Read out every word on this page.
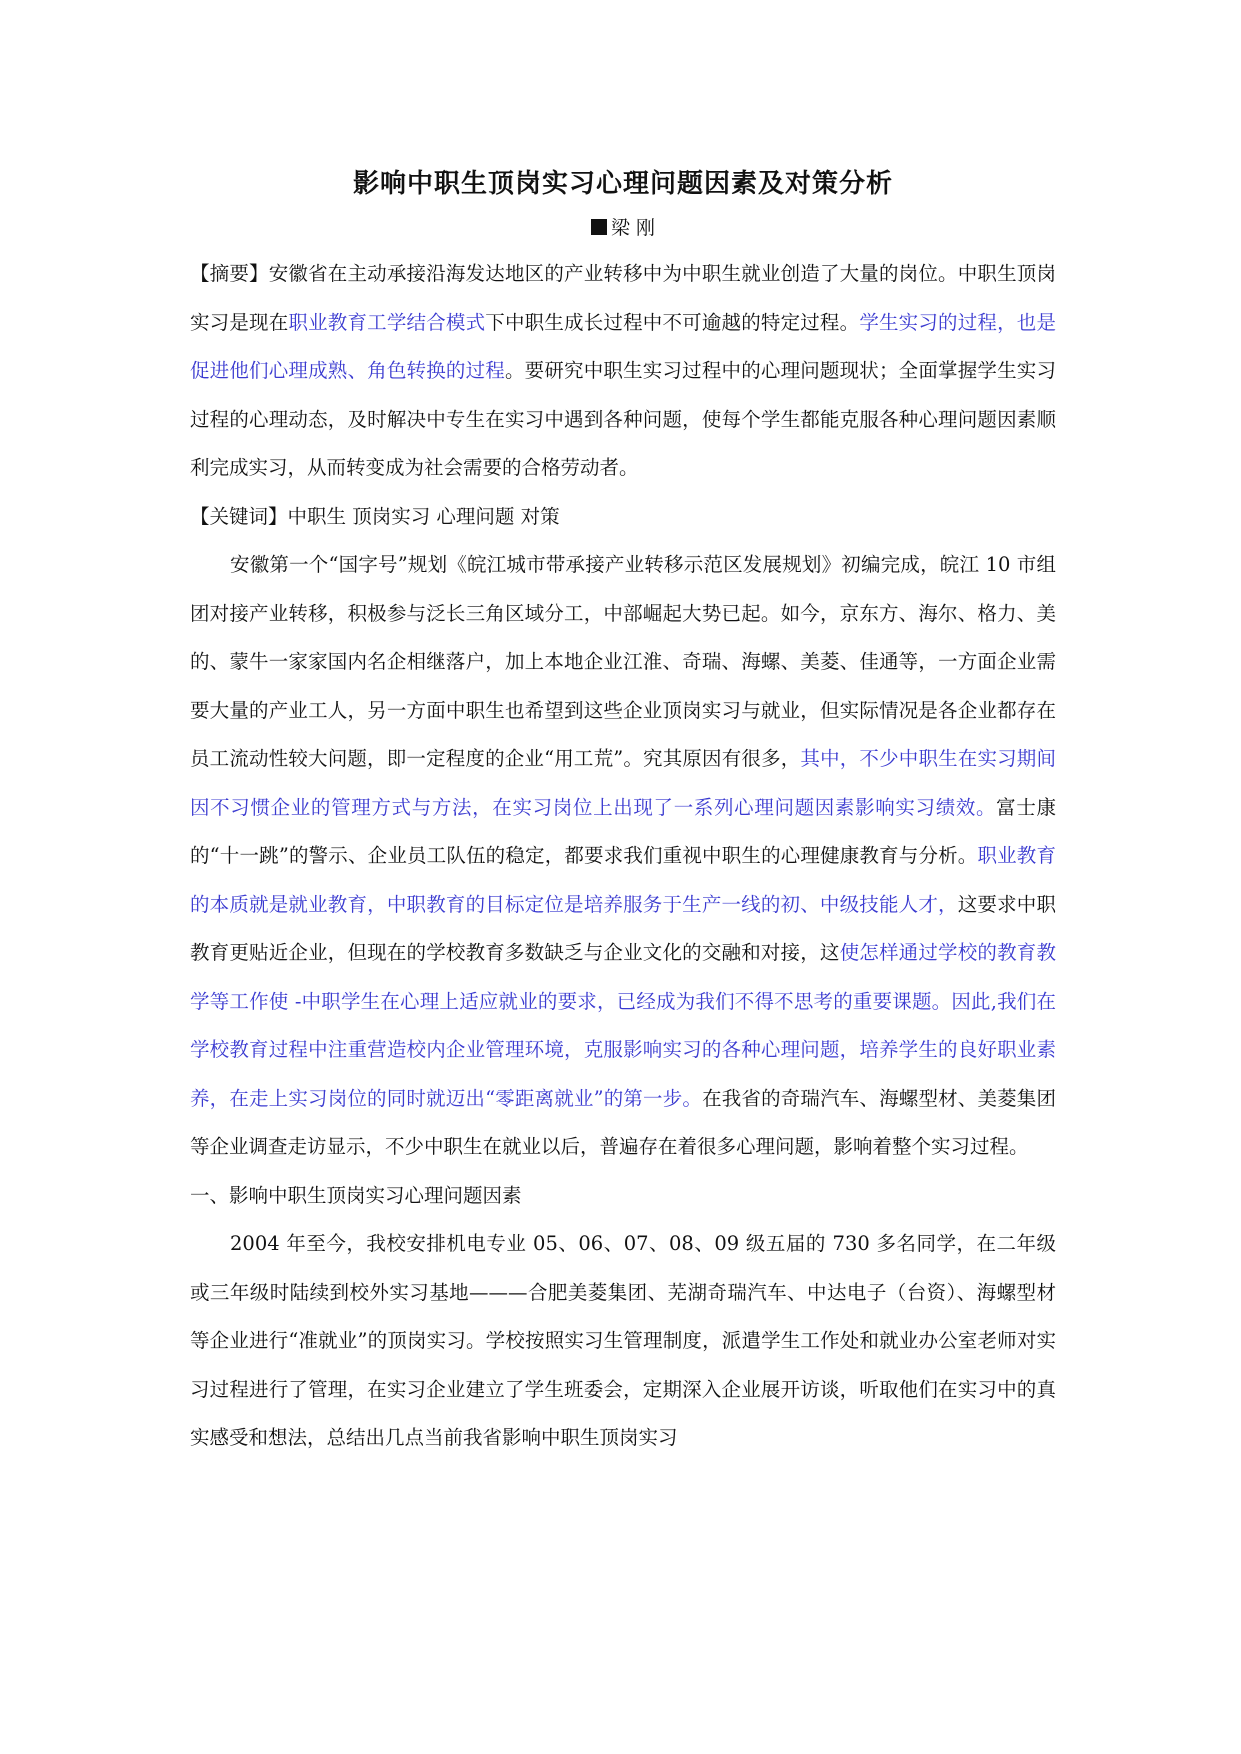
影响中职生顶岗实习心理问题因素及对策分析

梁 刚

【摘要】安徽省在主动承接沿海发达地区的产业转移中为中职生就业创造了大量的岗位。中职生顶岗实习是现在职业教育工学结合模式下中职生成长过程中不可逾越的特定过程。学生实习的过程，也是促进他们心理成熟、角色转换的过程。要研究中职生实习过程中的心理问题现状；全面掌握学生实习过程的心理动态，及时解决中专生在实习中遇到各种问题，使每个学生都能克服各种心理问题因素顺利完成实习，从而转变成为社会需要的合格劳动者。

【关键词】中职生 顶岗实习 心理问题 对策

安徽第一个“国字号”规划《皖江城市带承接产业转移示范区发展规划》初编完成，皖江 10 市组团对接产业转移，积极参与泛长三角区域分工，中部崛起大势已起。如今，京东方、海尔、格力、美的、蒙牛一家家国内名企相继落户，加上本地企业江淮、奇瑞、海螺、美菱、佳通等，一方面企业需要大量的产业工人，另一方面中职生也希望到这些企业顶岗实习与就业，但实际情况是各企业都存在员工流动性较大问题，即一定程度的企业“用工荒”。究其原因有很多，其中，不少中职生在实习期间因不习惯企业的管理方式与方法，在实习岗位上出现了一系列心理问题因素影响实习绩效。富士康的“十一跳”的警示、企业员工队伍的稳定，都要求我们重视中职生的心理健康教育与分析。职业教育的本质就是就业教育，中职教育的目标定位是培养服务于生产一线的初、中级技能人才，这要求中职教育更贴近企业，但现在的学校教育多数缺乏与企业文化的交融和对接，这使怎样通过学校的教育教学等工作使 -中职学生在心理上适应就业的要求，已经成为我们不得不思考的重要课题。因此,我们在学校教育过程中注重营造校内企业管理环境，克服影响实习的各种心理问题，培养学生的良好职业素养，在走上实习岗位的同时就迈出“零距离就业”的第一步。在我省的奇瑞汽车、海螺型材、美菱集团等企业调查走访显示，不少中职生在就业以后，普遍存在着很多心理问题，影响着整个实习过程。

一、影响中职生顶岗实习心理问题因素

2004 年至今，我校安排机电专业 05、06、07、08、09 级五届的 730 多名同学，在二年级或三年级时陆续到校外实习基地———合肥美菱集团、芜湖奇瑞汽车、中达电子（台资）、海螺型材等企业进行“准就业”的顶岗实习。学校按照实习生管理制度，派遣学生工作处和就业办公室老师对实习过程进行了管理，在实习企业建立了学生班委会，定期深入企业展开访谈，听取他们在实习中的真实感受和想法，总结出几点当前我省影响中职生顶岗实习
